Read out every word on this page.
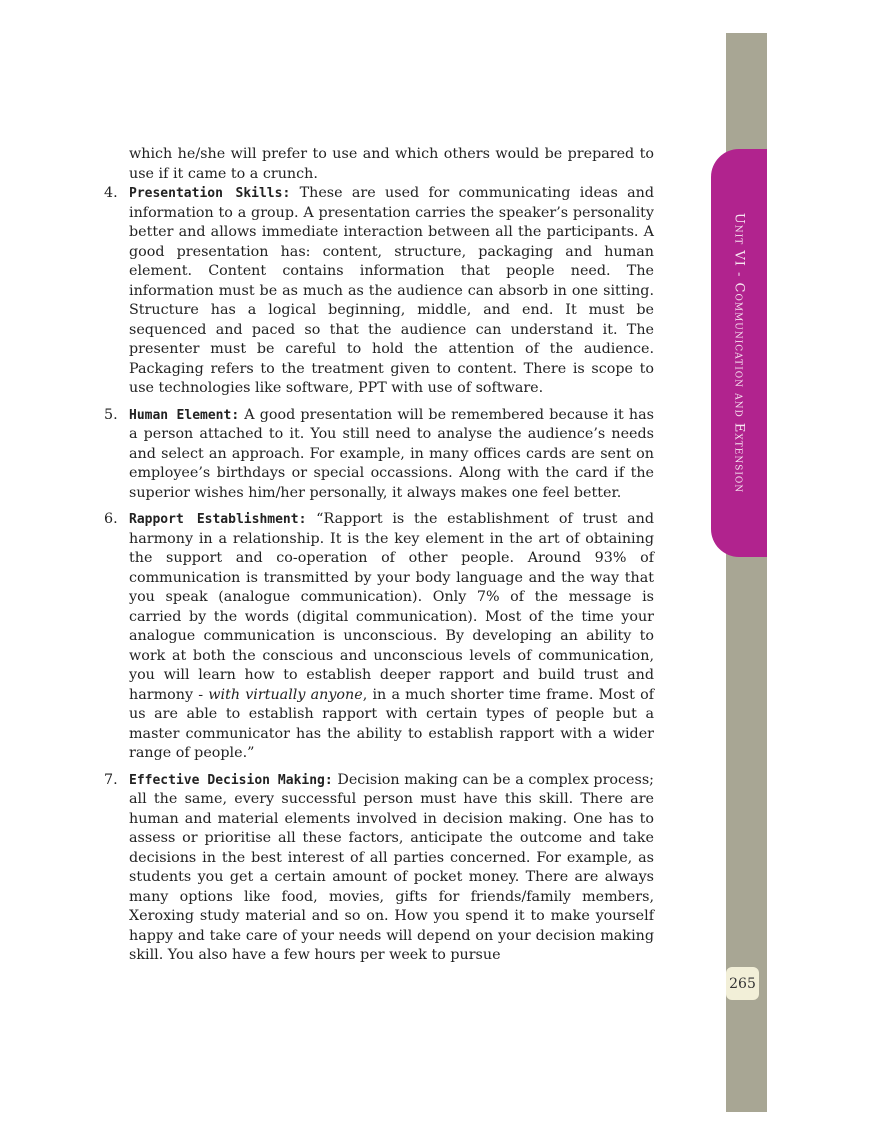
Unit VI - Communication and Extension
265

which he/she will prefer to use and which others would be prepared to use if it came to a crunch.

4. Presentation Skills: These are used for communicating ideas and information to a group. A presentation carries the speaker’s personality better and allows immediate interaction between all the participants. A good presentation has: content, structure, packaging and human element. Content contains information that people need. The information must be as much as the audience can absorb in one sitting. Structure has a logical beginning, middle, and end. It must be sequenced and paced so that the audience can understand it. The presenter must be careful to hold the attention of the audience. Packaging refers to the treatment given to content. There is scope to use technologies like software, PPT with use of software.

5. Human Element: A good presentation will be remembered because it has a person attached to it. You still need to analyse the audience’s needs and select an approach. For example, in many offices cards are sent on employee’s birthdays or special occassions. Along with the card if the superior wishes him/her personally, it always makes one feel better.

6. Rapport Establishment: “Rapport is the establishment of trust and harmony in a relationship. It is the key element in the art of obtaining the support and co-operation of other people. Around 93% of communication is transmitted by your body language and the way that you speak (analogue communication). Only 7% of the message is carried by the words (digital communication). Most of the time your analogue communication is unconscious. By developing an ability to work at both the conscious and unconscious levels of communication, you will learn how to establish deeper rapport and build trust and harmony - with virtually anyone, in a much shorter time frame. Most of us are able to establish rapport with certain types of people but a master communicator has the ability to establish rapport with a wider range of people.”

7. Effective Decision Making: Decision making can be a complex process; all the same, every successful person must have this skill. There are human and material elements involved in decision making. One has to assess or prioritise all these factors, anticipate the outcome and take decisions in the best interest of all parties concerned. For example, as students you get a certain amount of pocket money. There are always many options like food, movies, gifts for friends/family members, Xeroxing study material and so on. How you spend it to make yourself happy and take care of your needs will depend on your decision making skill. You also have a few hours per week to pursue
